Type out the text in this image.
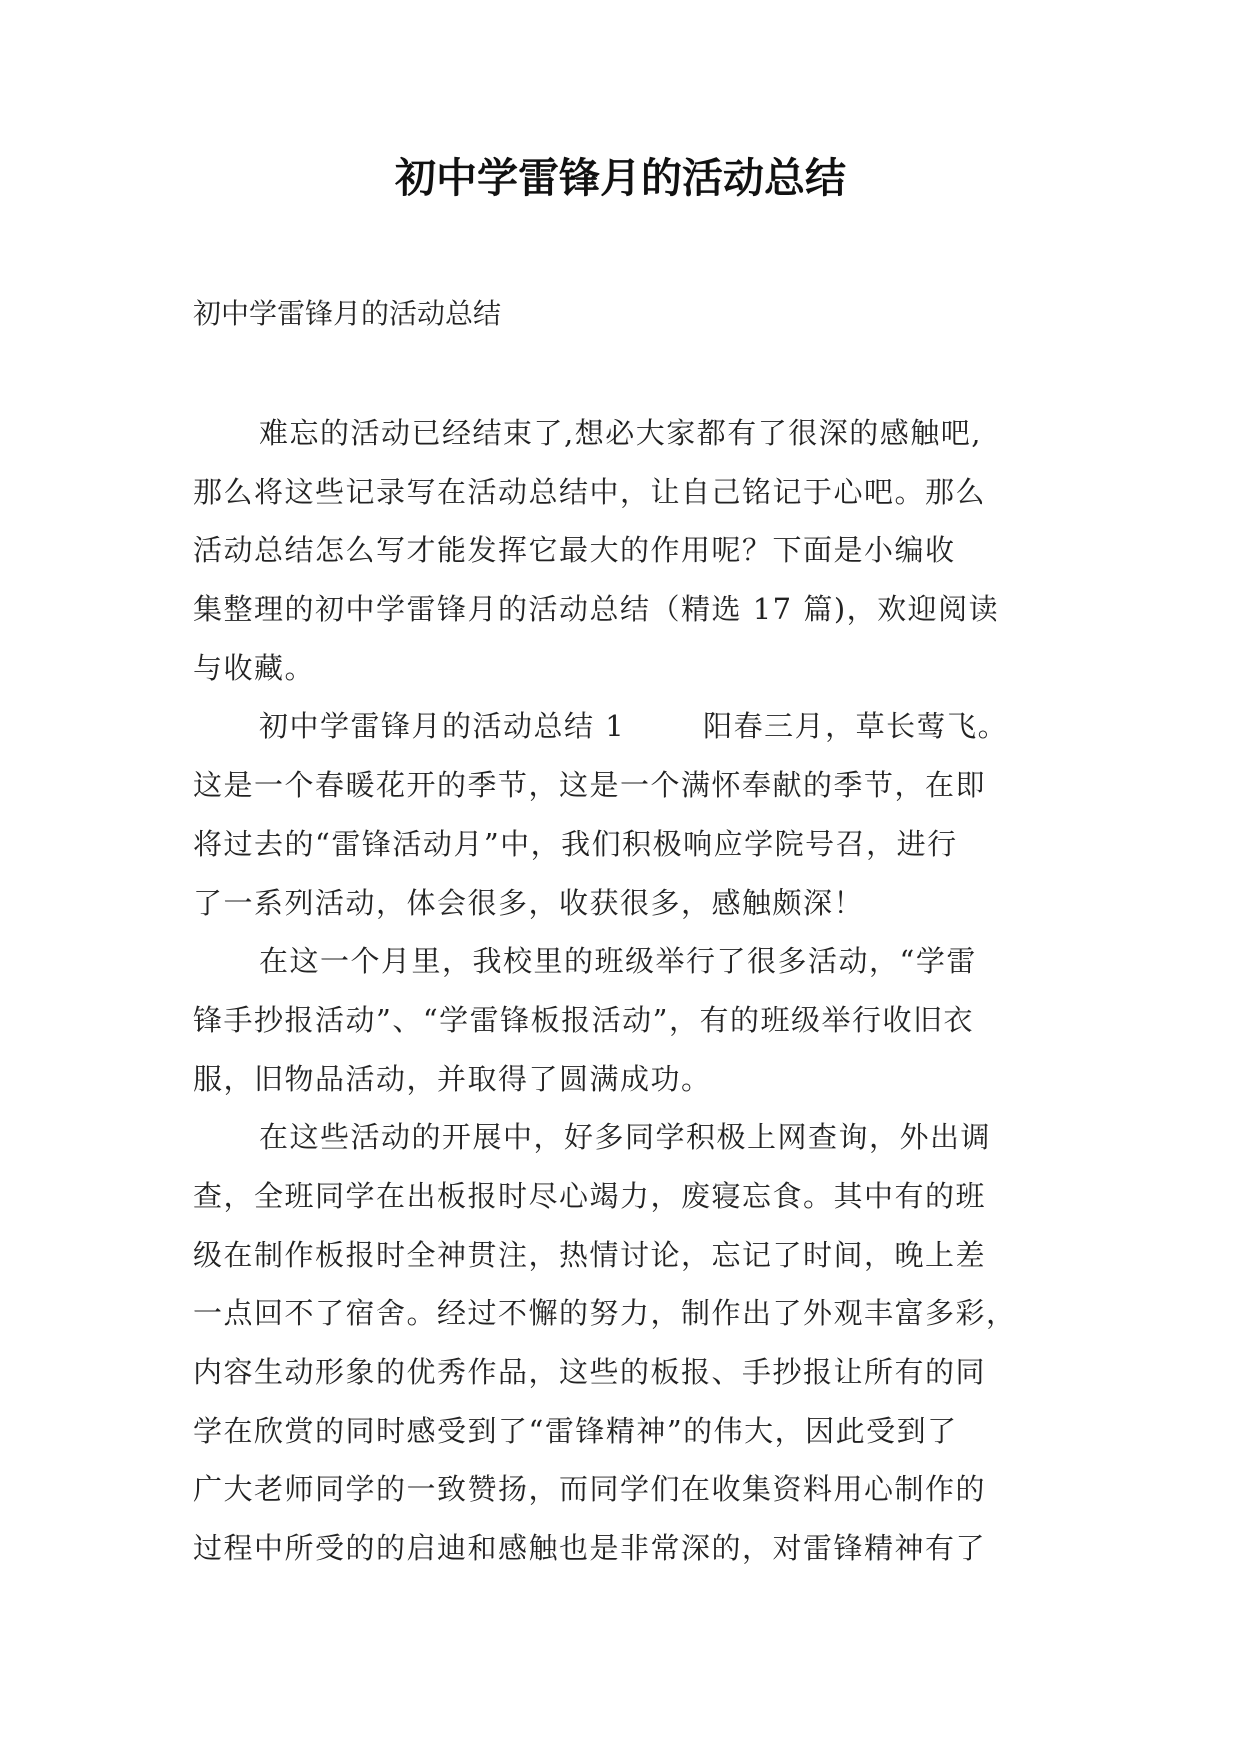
初中学雷锋月的活动总结

初中学雷锋月的活动总结

难忘的活动已经结束了,想必大家都有了很深的感触吧,

那么将这些记录写在活动总结中，让自己铭记于心吧。那么

活动总结怎么写才能发挥它最大的作用呢？下面是小编收

集整理的初中学雷锋月的活动总结（精选 17 篇)，欢迎阅读

与收藏。

初中学雷锋月的活动总结 1	阳春三月，草长莺飞。

这是一个春暖花开的季节，这是一个满怀奉献的季节，在即

将过去的“雷锋活动月”中，我们积极响应学院号召，进行

了一系列活动，体会很多，收获很多，感触颇深！

在这一个月里，我校里的班级举行了很多活动，“学雷

锋手抄报活动”、“学雷锋板报活动”，有的班级举行收旧衣

服，旧物品活动，并取得了圆满成功。

在这些活动的开展中，好多同学积极上网查询，外出调

查，全班同学在出板报时尽心竭力，废寝忘食。其中有的班

级在制作板报时全神贯注，热情讨论，忘记了时间，晚上差

一点回不了宿舍。经过不懈的努力，制作出了外观丰富多彩，

内容生动形象的优秀作品，这些的板报、手抄报让所有的同

学在欣赏的同时感受到了“雷锋精神”的伟大，因此受到了

广大老师同学的一致赞扬，而同学们在收集资料用心制作的

过程中所受的的启迪和感触也是非常深的，对雷锋精神有了
